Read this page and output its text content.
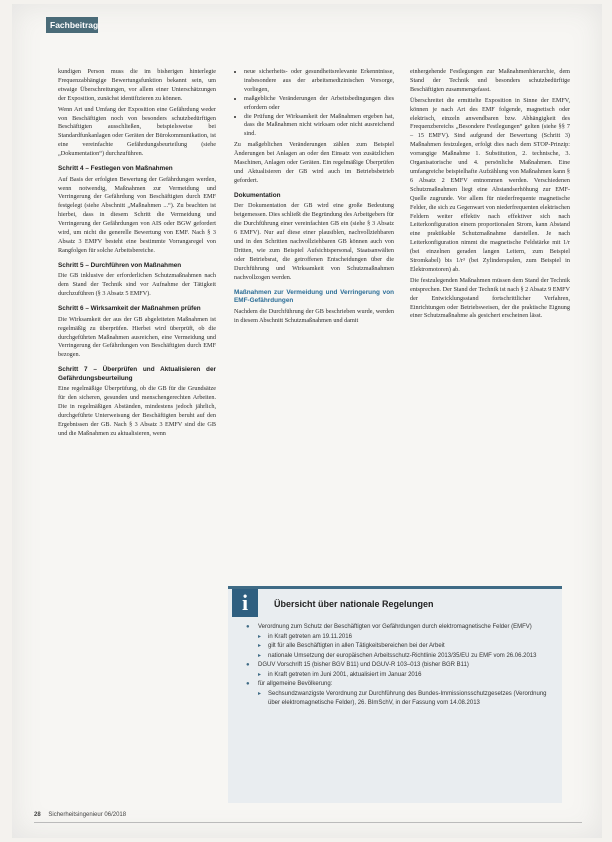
Fachbeitrag

kundigen Person muss die im bisherigen hinterlegte Frequenzabhängige Bewertungsfunktion bekannt sein, um etwaige Überschreitungen, vor allem einer Unterschätzungen der Exposition, zunächst identifizieren zu können.

Wenn Art und Umfang der Exposition eine Gefährdung weder von Beschäftigten noch von besonders schutzbedürftigen Beschäftigten ausschließen, beispielsweise bei Standardfunkanlagen oder Geräten der Bürokommunikation, ist eine vereinfachte Gefährdungsbeurteilung (siehe „Dokumentation“) durchzuführen.

Schritt 4 – Festlegen von Maßnahmen

Auf Basis der erfolgten Bewertung der Gefährdungen werden, wenn notwendig, Maßnahmen zur Vermeidung und Verringerung der Gefährdung von Beschäftigten durch EMF festgelegt (siehe Abschnitt „Maßnahmen ...“). Zu beachten ist hierbei, dass in diesem Schritt die Vermeidung und Verringerung der Gefährdungen von AIS oder BGW gefordert wird, um nicht die generelle Bewertung von EMF. Nach § 3 Absatz 3 EMFV besteht eine bestimmte Vorrangsregel von Rangfolgen für solche Arbeitsbereiche.

Schritt 5 – Durchführen von Maßnahmen

Die GB inklusive der erforderlichen Schutzmaßnahmen nach dem Stand der Technik sind vor Aufnahme der Tätigkeit durchzuführen (§ 3 Absatz 5 EMFV).

Schritt 6 – Wirksamkeit der Maßnahmen prüfen

Die Wirksamkeit der aus der GB abgeleiteten Maßnahmen ist regelmäßig zu überprüfen. Hierbei wird überprüft, ob die durchgeführten Maßnahmen ausreichen, eine Vermeidung und Verringerung der Gefährdungen von Beschäftigten durch EMF bezogen.

Schritt 7 – Überprüfen und Aktualisieren der Gefährdungsbeurteilung

Eine regelmäßige Überprüfung, ob die GB für die Grundsätze für den sicheren, gesunden und menschengerechten Arbeiten. Die in regelmäßigen Abständen, mindestens jedoch jährlich, durchgeführte Unterweisung der Beschäftigten beruht auf den Ergebnissen der GB. Nach § 3 Absatz 3 EMFV sind die GB und die Maßnahmen zu aktualisieren, wenn

• neue sicherheits- oder gesundheitsrelevante Erkenntnisse, insbesondere aus der arbeitsmedizinischen Vorsorge, vorliegen,
• maßgebliche Veränderungen der Arbeitsbedingungen dies erfordern oder
• die Prüfung der Wirksamkeit der Maßnahmen ergeben hat, dass die Maßnahmen nicht wirksam oder nicht ausreichend sind.

Zu maßgeblichen Veränderungen zählen zum Beispiel Änderungen bei Anlagen an oder den Einsatz von zusätzlichen Maschinen, Anlagen oder Geräten. Ein regelmäßige Überprüfen und Aktualisieren der GB wird auch im Betriebsbetrieb gefordert.

Dokumentation

Der Dokumentation der GB wird eine große Bedeutung beigemessen. Dies schließt die Begründung des Arbeitgebers für die Durchführung einer vereinfachten GB ein (siehe § 3 Absatz 6 EMFV). Nur auf diese einer plausiblen, nachvollziehbaren und in den Schritten nachvollziehbaren GB können auch von Dritten, wie zum Beispiel Aufsichtspersonal, Staatsanwälten oder Betriebsrat, die getroffenen Entscheidungen über die Durchführung und Wirksamkeit von Schutzmaßnahmen nachvollzogen werden.

Maßnahmen zur Vermeidung und Verringerung von EMF-Gefährdungen

Nachdem die Durchführung der GB beschrieben wurde, werden in diesem Abschnitt Schutzmaßnahmen und damit

einhergehende Festlegungen zur Maßnahmenhierarchie, dem Stand der Technik und besonders schutzbedürftige Beschäftigten zusammengefasst.

Überschreitet die ermittelte Exposition in Sinne der EMFV, können je nach Art des EMF folgende, magnetisch oder elektrisch, einzeln anwendbaren bzw. Abhängigkeit des Frequenzbereichs „Besondere Festlegungen“ gelten (siehe §§ 7 – 15 EMFV). Sind aufgrund der Bewertung (Schritt 3) Maßnahmen festzulegen, erfolgt dies nach dem STOP-Prinzip: vorrangige Maßnahme 1. Substitution, 2. technische, 3. Organisatorische und 4. persönliche Maßnahmen. Eine umfangreiche beispielhafte Aufzählung von Maßnahmen kann § 6 Absatz 2 EMFV entnommen werden. Verschiedenen Schutzmaßnahmen liegt eine Abstandserhöhung zur EMF-Quelle zugrunde. Vor allem für niederfrequente magnetische Felder, die sich zu Gegenwart von niederfrequenten elektrischen Feldern weiter effektiv nach effektiver sich nach Leiterkonfiguration einem proportionalen Strom, kann Abstand eine praktikable Schutzmaßnahme darstellen. Je nach Leiterkonfiguration nimmt die magnetische Feldstärke mit 1/r (bei einzelnen geraden langen Leitern, zum Beispiel Stromkabel) bis 1/r³ (bei Zylinderspulen, zum Beispiel in Elektromotoren) ab.

Die festzulegenden Maßnahmen müssen dem Stand der Technik entsprechen. Der Stand der Technik ist nach § 2 Absatz 9 EMFV der Entwicklungsstand fortschrittlicher Verfahren, Einrichtungen oder Betriebsweisen, der die praktische Eignung einer Schutzmaßnahme als gesichert erscheinen lässt.

i	Übersicht über nationale Regelungen
● Verordnung zum Schutz der Beschäftigten vor Gefährdungen durch elektromagnetische Felder (EMFV)
▸ in Kraft getreten am 19.11.2016
▸ gilt für alle Beschäftigten in allen Tätigkeitsbereichen bei der Arbeit
▸ nationale Umsetzung der europäischen Arbeitsschutz-Richtlinie 2013/35/EU zu EMF vom 26.06.2013
● DGUV Vorschrift 15 (bisher BGV B11) und DGUV-R 103–013 (bisher BGR B11)
▸ in Kraft getreten im Juni 2001, aktualisiert im Januar 2016
● für allgemeine Bevölkerung:
▸ Sechsundzwanzigste Verordnung zur Durchführung des Bundes-Immissionsschutzgesetzes (Verordnung über elektromagnetische Felder), 26. BImSchV, in der Fassung vom 14.08.2013
28 Sicherheitsingenieur 06/2018
